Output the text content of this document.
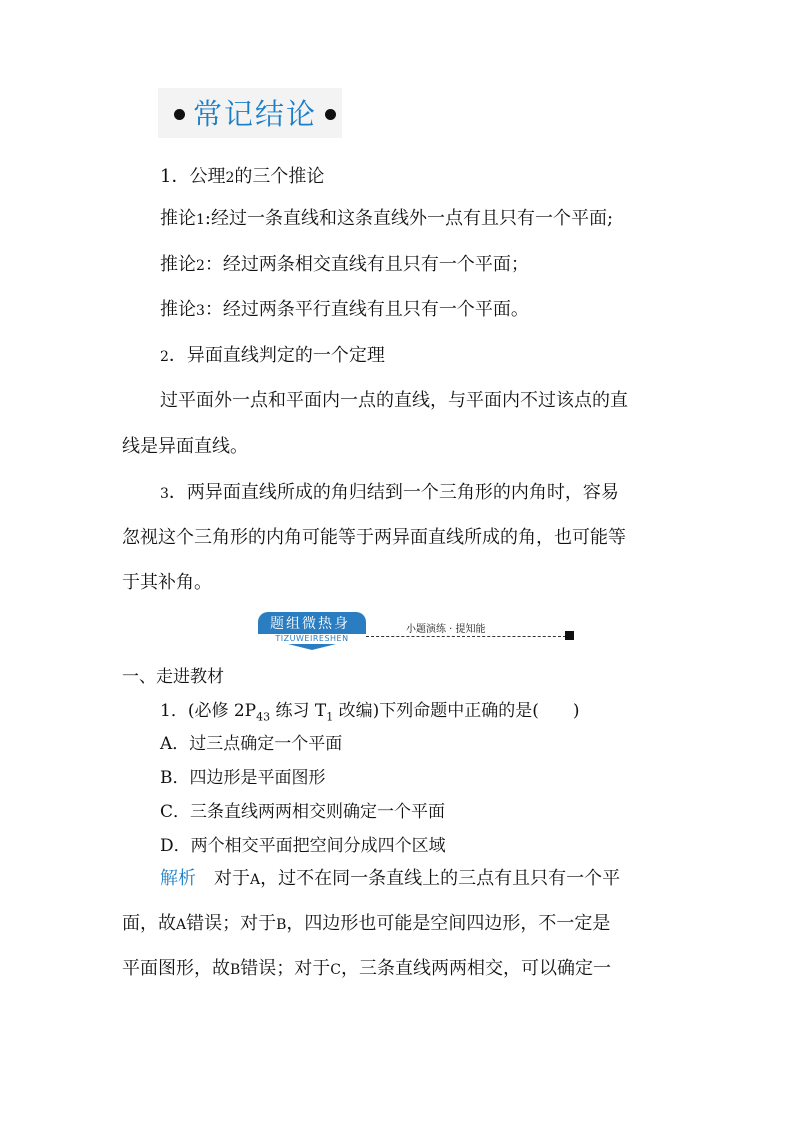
常记结论
1．公理2的三个推论
推论1:经过一条直线和这条直线外一点有且只有一个平面;
推论2：经过两条相交直线有且只有一个平面；
推论3：经过两条平行直线有且只有一个平面。
2．异面直线判定的一个定理
过平面外一点和平面内一点的直线，与平面内不过该点的直
线是异面直线。
3．两异面直线所成的角归结到一个三角形的内角时，容易
忽视这个三角形的内角可能等于两异面直线所成的角，也可能等
于其补角。
题组微热身
TIZUWEIRESHEN
小题演练 · 提知能
一、走进教材
1．(必修 $2P_{43}$ 练习 $T_1$ 改编)下列命题中正确的是(　　)
A．过三点确定一个平面
B．四边形是平面图形
C．三条直线两两相交则确定一个平面
D．两个相交平面把空间分成四个区域
解析　 对于A，过不在同一条直线上的三点有且只有一个平
面，故A错误；对于B，四边形也可能是空间四边形，不一定是
平面图形，故B错误；对于C，三条直线两两相交，可以确定一
